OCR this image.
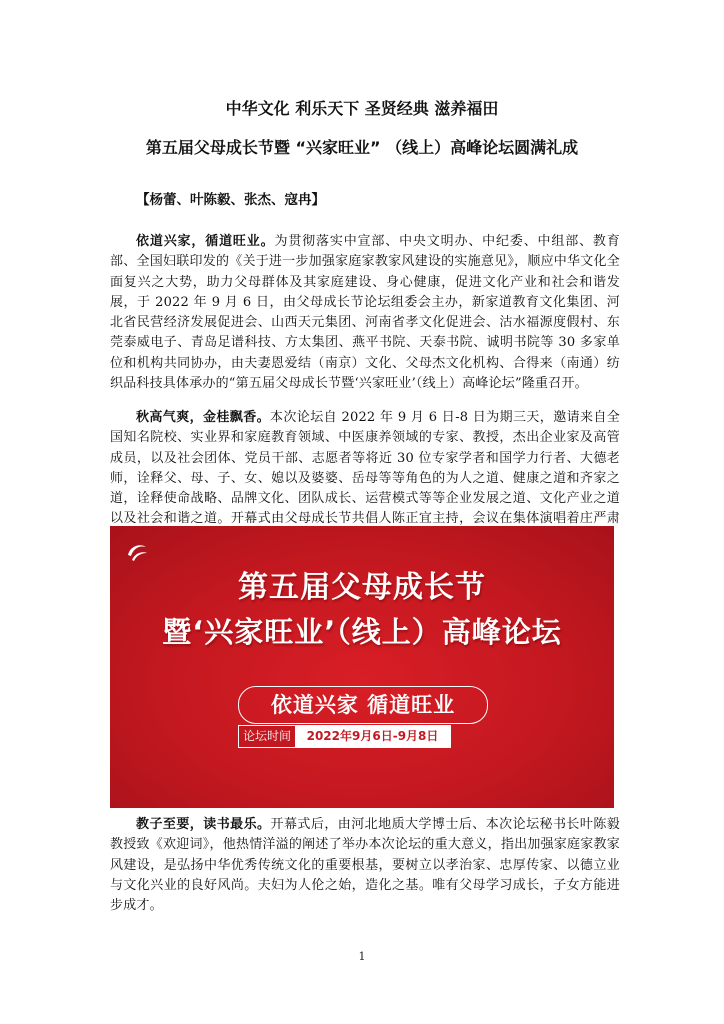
中华文化 利乐天下 圣贤经典 滋养福田
第五届父母成长节暨 “兴家旺业” （线上）高峰论坛圆满礼成
【杨蕾、叶陈毅、张杰、寇冉】

依道兴家，循道旺业。为贯彻落实中宣部、中央文明办、中纪委、中组部、教育部、全国妇联印发的《关于进一步加强家庭家教家风建设的实施意见》，顺应中华文化全面复兴之大势，助力父母群体及其家庭建设、身心健康，促进文化产业和社会和谐发展，于 2022 年 9 月 6 日，由父母成长节论坛组委会主办，新家道教育文化集团、河北省民营经济发展促进会、山西天元集团、河南省孝文化促进会、沽水福源度假村、东莞泰威电子、青岛足谱科技、方太集团、燕平书院、天泰书院、诚明书院等 30 多家单位和机构共同协办，由夫妻恩爱结（南京）文化、父母杰文化机构、合得来（南通）纺织品科技具体承办的“第五届父母成长节暨‘兴家旺业’（线上）高峰论坛”隆重召开。

秋高气爽，金桂飘香。本次论坛自 2022 年 9 月 6 日-8 日为期三天，邀请来自全国知名院校、实业界和家庭教育领域、中医康养领域的专家、教授，杰出企业家及高管成员，以及社会团体、党员干部、志愿者等将近 30 位专家学者和国学力行者、大德老师，诠释父、母、子、女、媳以及婆婆、岳母等等角色的为人之道、健康之道和齐家之道，诠释使命战略、品牌文化、团队成长、运营模式等等企业发展之道、文化产业之道以及社会和谐之道。开幕式由父母成长节共倡人陈正宜主持，会议在集体演唱着庄严肃

第五届父母成长节
暨‘兴家旺业’（线上）高峰论坛
依道兴家 循道旺业
论坛时间	2022年9月6日-9月8日

教子至要，读书最乐。开幕式后，由河北地质大学博士后、本次论坛秘书长叶陈毅教授致《欢迎词》，他热情洋溢的阐述了举办本次论坛的重大意义，指出加强家庭家教家风建设，是弘扬中华优秀传统文化的重要根基，要树立以孝治家、忠厚传家、以德立业与文化兴业的良好风尚。夫妇为人伦之始，造化之基。唯有父母学习成长，子女方能进步成才。

1
